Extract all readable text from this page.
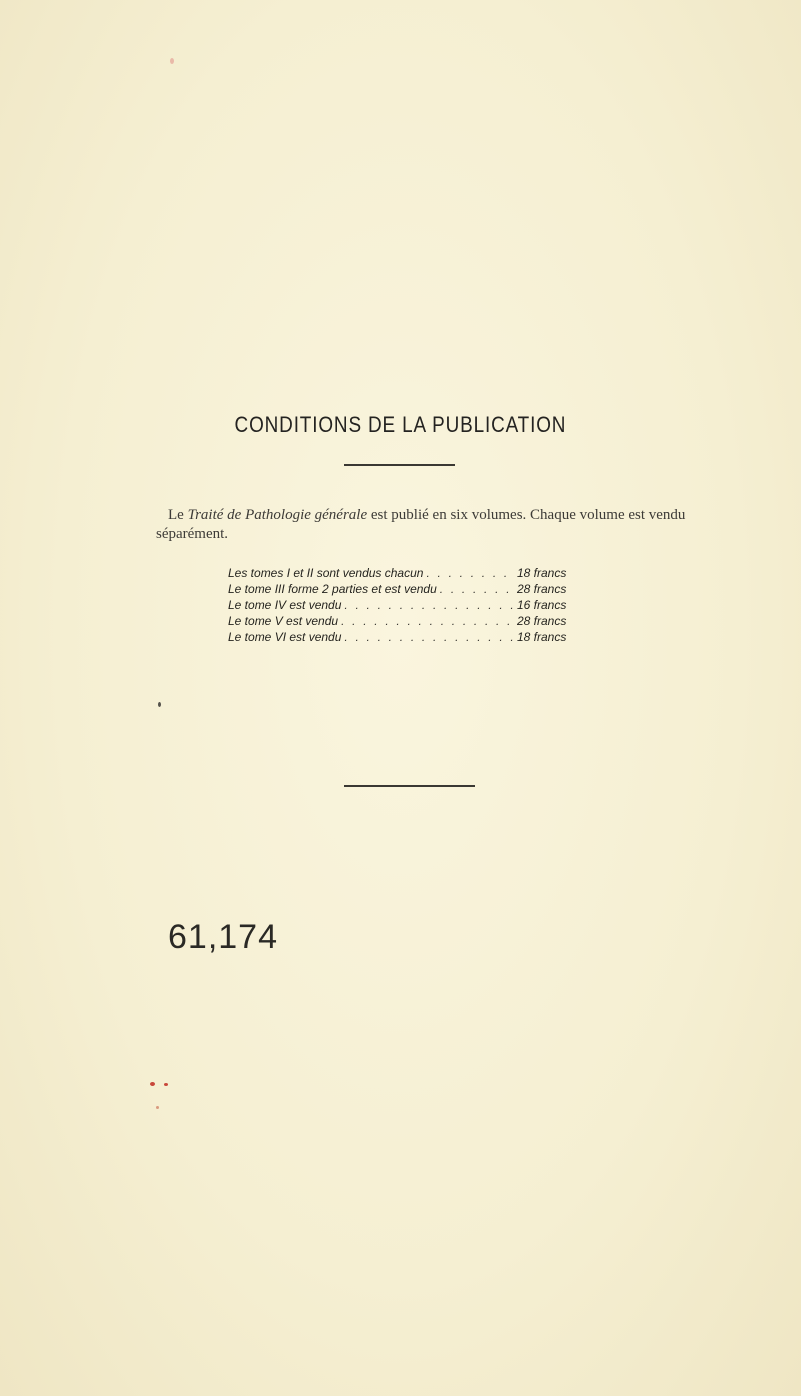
CONDITIONS DE LA PUBLICATION
Le Traité de Pathologie générale est publié en six volumes. Chaque volume est vendu
séparément.
Les tomes I et II sont vendus chacun . . .	18 francs
Le tome III forme 2 parties et est vendu . . .	28 francs
Le tome IV est vendu . . .	16 francs
Le tome V est vendu . . .	28 francs
Le tome VI est vendu . . .	18 francs
61,174
